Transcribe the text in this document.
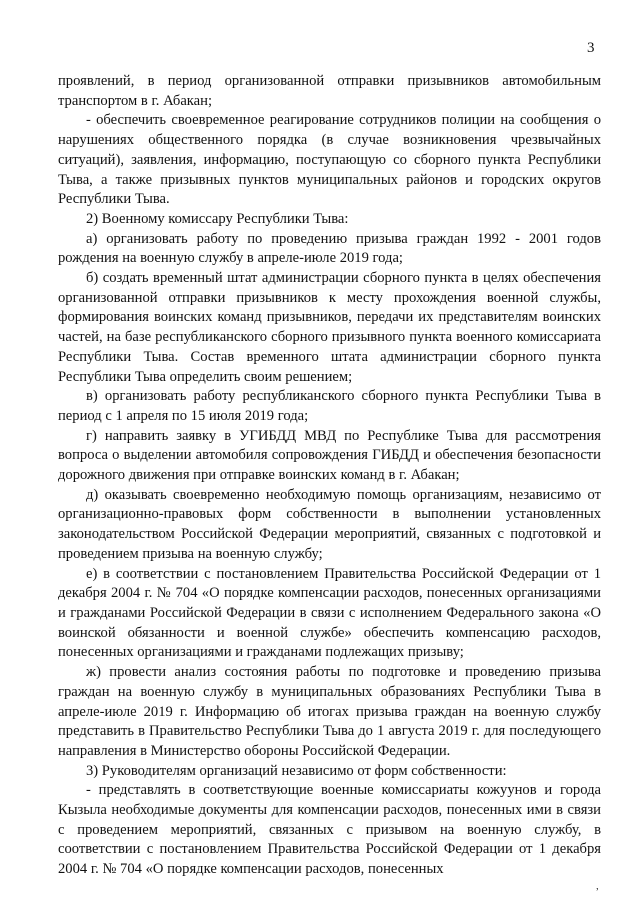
3

проявлений, в период организованной отправки призывников автомобильным транспортом в г. Абакан;

- обеспечить своевременное реагирование сотрудников полиции на сообщения о нарушениях общественного порядка (в случае возникновения чрезвычайных ситуаций), заявления, информацию, поступающую со сборного пункта Республики Тыва, а также призывных пунктов муниципальных районов и городских округов Республики Тыва.

2) Военному комиссару Республики Тыва:

а) организовать работу по проведению призыва граждан 1992 - 2001 годов рождения на военную службу в апреле-июле 2019 года;

б) создать временный штат администрации сборного пункта в целях обеспечения организованной отправки призывников к месту прохождения военной службы, формирования воинских команд призывников, передачи их представителям воинских частей, на базе республиканского сборного призывного пункта военного комиссариата Республики Тыва. Состав временного штата администрации сборного пункта Республики Тыва определить своим решением;

в) организовать работу республиканского сборного пункта Республики Тыва в период с 1 апреля по 15 июля 2019 года;

г) направить заявку в УГИБДД МВД по Республике Тыва для рассмотрения вопроса о выделении автомобиля сопровождения ГИБДД и обеспечения безопасности дорожного движения при отправке воинских команд в г. Абакан;

д) оказывать своевременно необходимую помощь организациям, независимо от организационно-правовых форм собственности в выполнении установленных законодательством Российской Федерации мероприятий, связанных с подготовкой и проведением призыва на военную службу;

е) в соответствии с постановлением Правительства Российской Федерации от 1 декабря 2004 г. № 704 «О порядке компенсации расходов, понесенных организациями и гражданами Российской Федерации в связи с исполнением Федерального закона «О воинской обязанности и военной службе» обеспечить компенсацию расходов, понесенных организациями и гражданами подлежащих призыву;

ж) провести анализ состояния работы по подготовке и проведению призыва граждан на военную службу в муниципальных образованиях Республики Тыва в апреле-июле 2019 г. Информацию об итогах призыва граждан на военную службу представить в Правительство Республики Тыва до 1 августа 2019 г. для последующего направления в Министерство обороны Российской Федерации.

3) Руководителям организаций независимо от форм собственности:

- представлять в соответствующие военные комиссариаты кожуунов и города Кызыла необходимые документы для компенсации расходов, понесенных ими в связи с проведением мероприятий, связанных с призывом на военную службу, в соответствии с постановлением Правительства Российской Федерации от 1 декабря 2004 г. № 704 «О порядке компенсации расходов, понесенных

,
